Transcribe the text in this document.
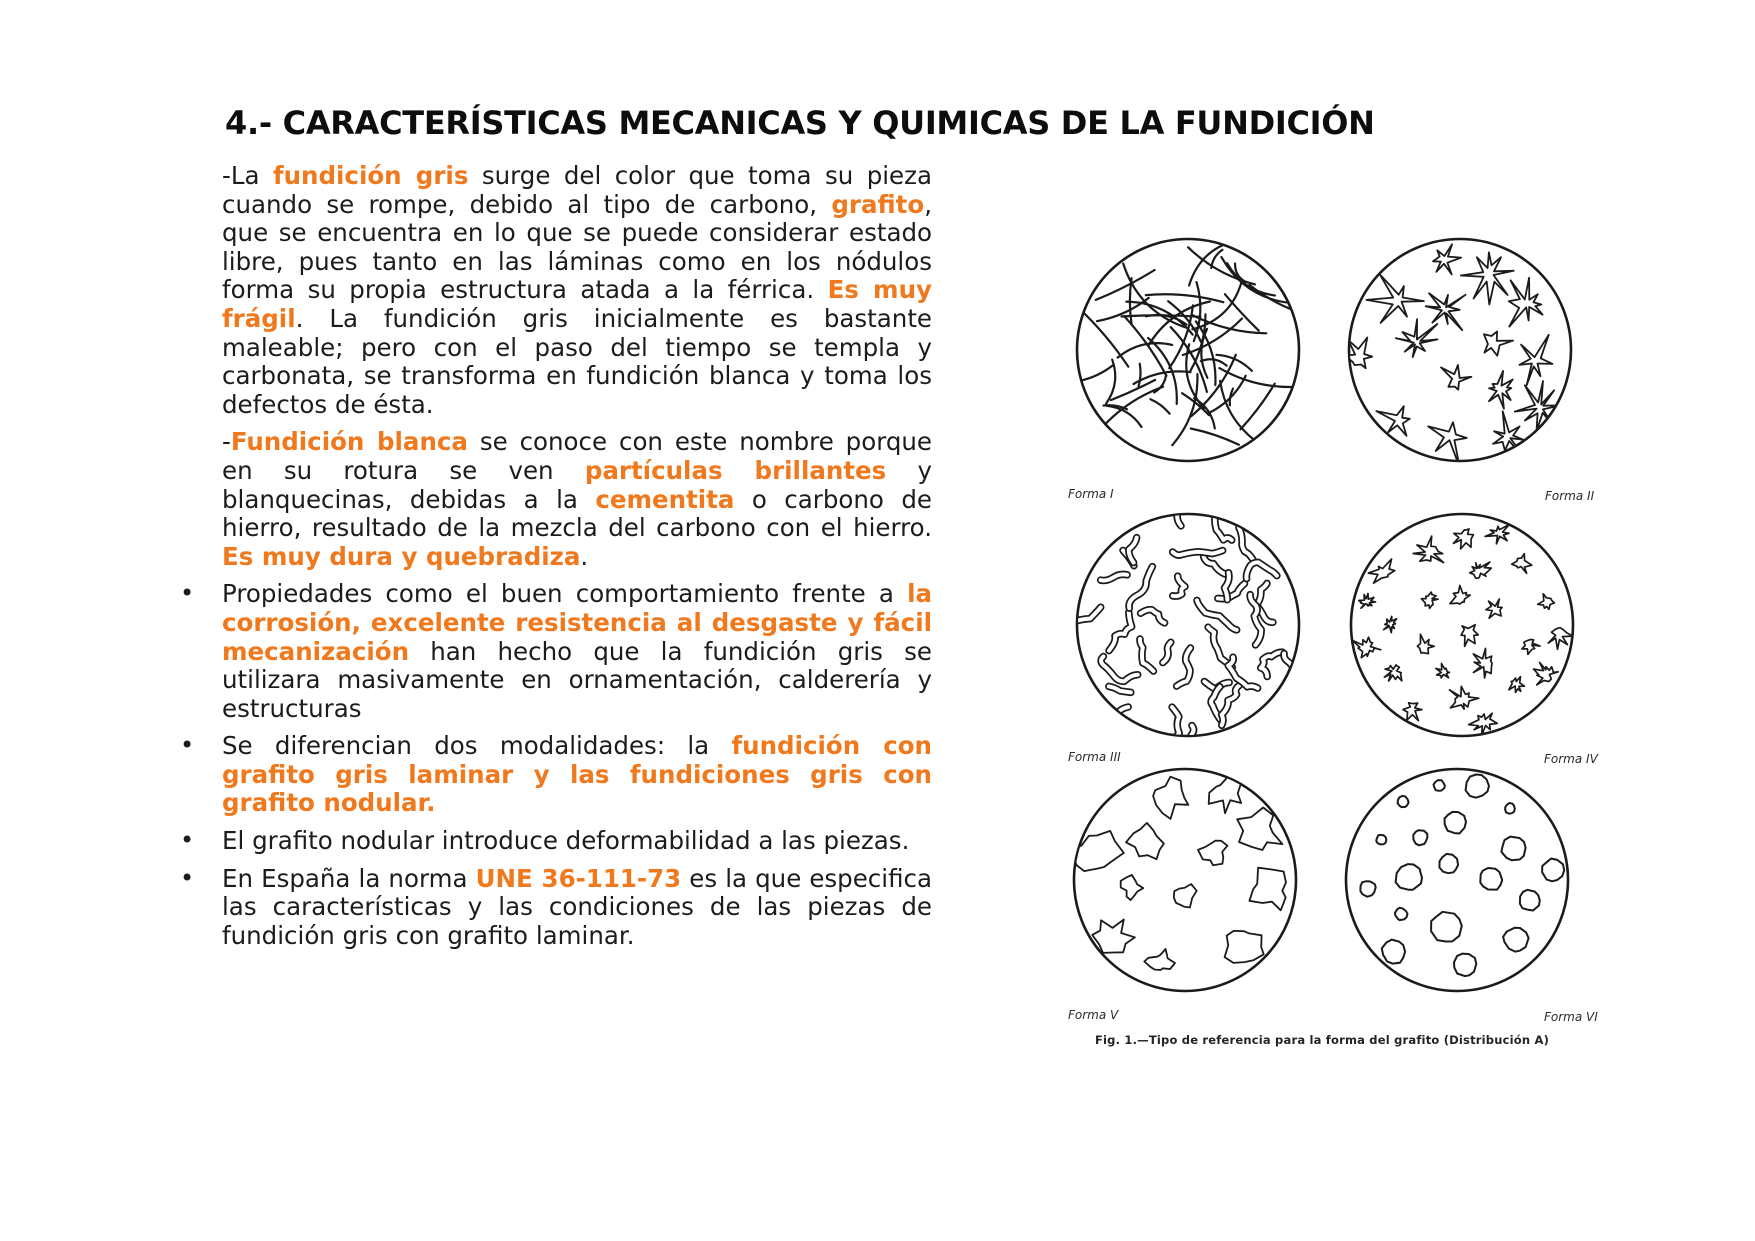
4.- CARACTERÍSTICAS MECANICAS Y QUIMICAS DE LA FUNDICIÓN
-La fundición gris surge del color que toma su pieza cuando se rompe, debido al tipo de carbono, grafito, que se encuentra en lo que se puede considerar estado libre, pues tanto en las láminas como en los nódulos forma su propia estructura atada a la férrica. Es muy frágil. La fundición gris inicialmente es bastante maleable; pero con el paso del tiempo se templa y carbonata, se transforma en fundición blanca y toma los defectos de ésta.
-Fundición blanca se conoce con este nombre porque en su rotura se ven partículas brillantes y blanquecinas, debidas a la cementita o carbono de hierro, resultado de la mezcla del carbono con el hierro. Es muy dura y quebradiza.
• Propiedades como el buen comportamiento frente a la corrosión, excelente resistencia al desgaste y fácil mecanización han hecho que la fundición gris se utilizara masivamente en ornamentación, calderería y estructuras
• Se diferencian dos modalidades: la fundición con grafito gris laminar y las fundiciones gris con grafito nodular.
• El grafito nodular introduce deformabilidad a las piezas.
• En España la norma UNE 36-111-73 es la que especifica las características y las condiciones de las piezas de fundición gris con grafito laminar.
Forma I	Forma II
Forma III	Forma IV
Forma V	Forma VI
Fig. 1.—Tipo de referencia para la forma del grafito (Distribución A)
